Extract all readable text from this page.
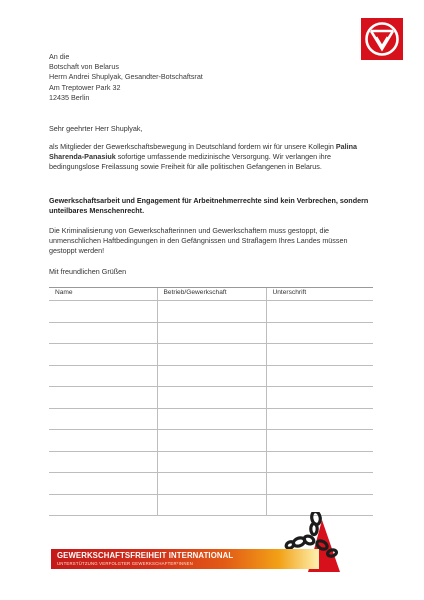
An die
Botschaft von Belarus
Herrn Andrei Shuplyak, Gesandter-Botschaftsrat
Am Treptower Park 32
12435 Berlin
Sehr geehrter Herr Shuplyak,
als Mitglieder der Gewerkschaftsbewegung in Deutschland fordern wir für unsere Kollegin Palina Sharenda-Panasiuk sofortige umfassende medizinische Versorgung. Wir verlangen ihre bedingungslose Freilassung sowie Freiheit für alle politischen Gefangenen in Belarus.
Gewerkschaftsarbeit und Engagement für Arbeitnehmerrechte sind kein Verbrechen, sondern unteilbares Menschenrecht.
Die Kriminalisierung von Gewerkschafterinnen und Gewerkschaftern muss gestoppt, die unmenschlichen Haftbedingungen in den Gefängnissen und Straflagern Ihres Landes müssen gestoppt werden!
Mit freundlichen Grüßen
Name	Betrieb/Gewerkschaft	Unterschrift

GEWERKSCHAFTSFREIHEIT INTERNATIONAL
UNTERSTÜTZUNG VERFOLGTER GEWERKSCHAFTER*INNEN
